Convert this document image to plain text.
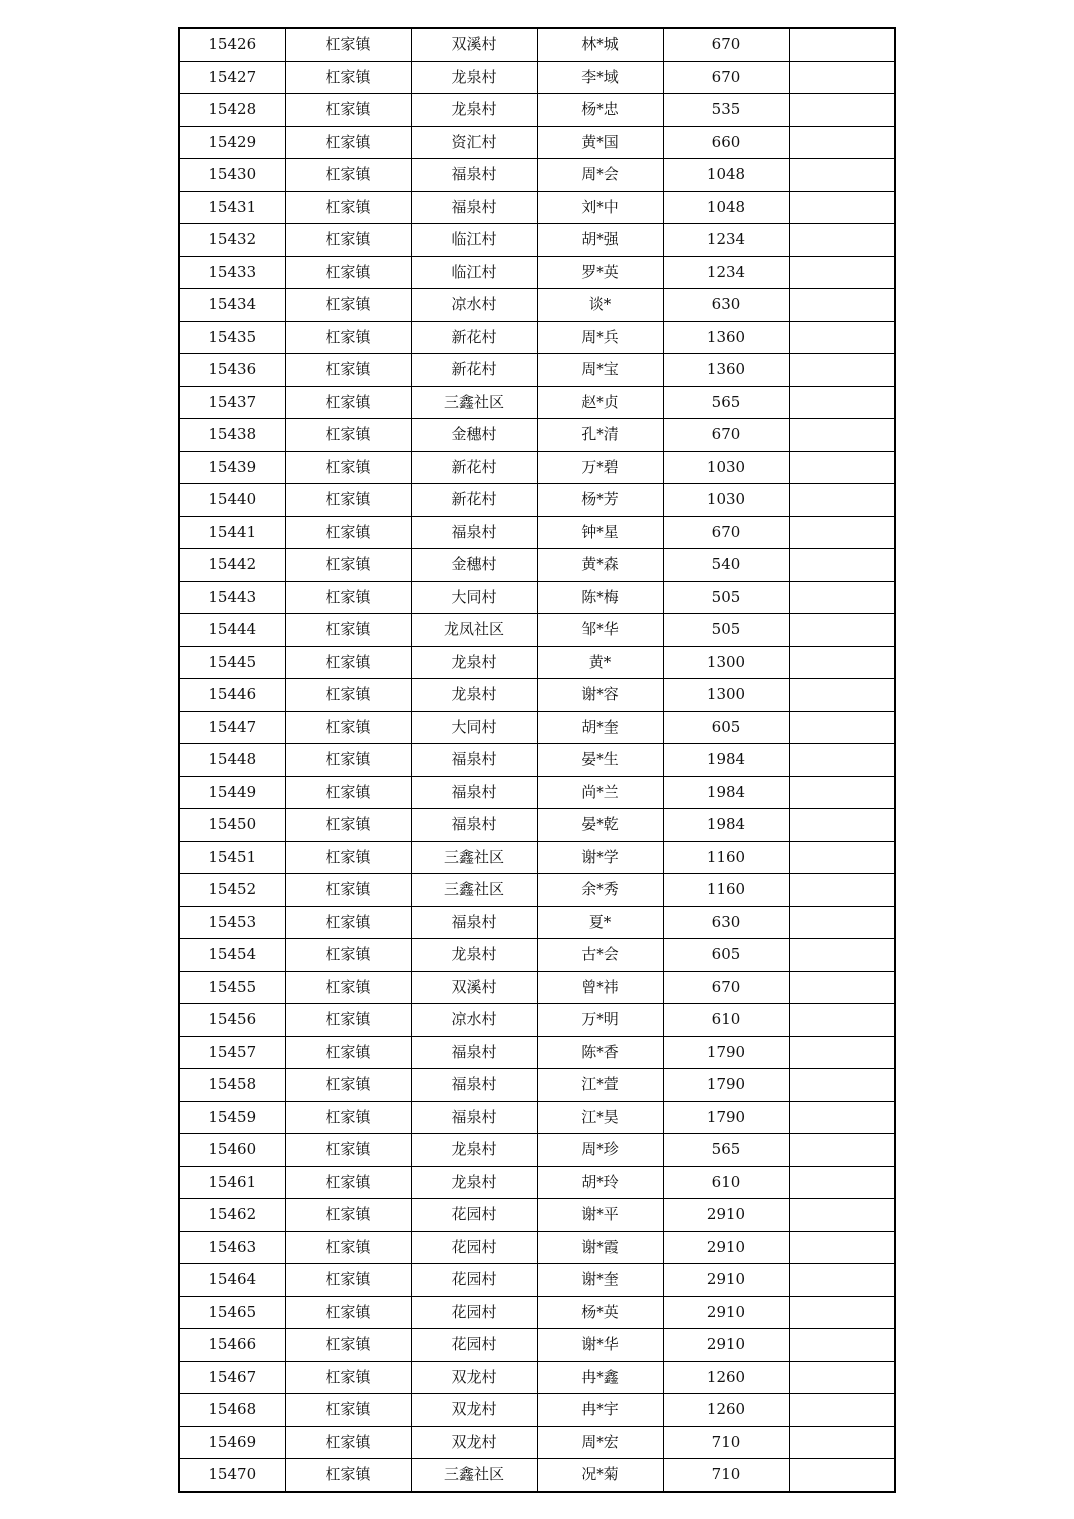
15426	杠家镇	双溪村	林*城	670	
15427	杠家镇	龙泉村	李*域	670	
15428	杠家镇	龙泉村	杨*忠	535	
15429	杠家镇	资汇村	黄*国	660	
15430	杠家镇	福泉村	周*会	1048	
15431	杠家镇	福泉村	刘*中	1048	
15432	杠家镇	临江村	胡*强	1234	
15433	杠家镇	临江村	罗*英	1234	
15434	杠家镇	凉水村	谈*	630	
15435	杠家镇	新花村	周*兵	1360	
15436	杠家镇	新花村	周*宝	1360	
15437	杠家镇	三鑫社区	赵*贞	565	
15438	杠家镇	金穗村	孔*清	670	
15439	杠家镇	新花村	万*碧	1030	
15440	杠家镇	新花村	杨*芳	1030	
15441	杠家镇	福泉村	钟*星	670	
15442	杠家镇	金穗村	黄*森	540	
15443	杠家镇	大同村	陈*梅	505	
15444	杠家镇	龙凤社区	邹*华	505	
15445	杠家镇	龙泉村	黄*	1300	
15446	杠家镇	龙泉村	谢*容	1300	
15447	杠家镇	大同村	胡*奎	605	
15448	杠家镇	福泉村	晏*生	1984	
15449	杠家镇	福泉村	尚*兰	1984	
15450	杠家镇	福泉村	晏*乾	1984	
15451	杠家镇	三鑫社区	谢*学	1160	
15452	杠家镇	三鑫社区	余*秀	1160	
15453	杠家镇	福泉村	夏*	630	
15454	杠家镇	龙泉村	古*会	605	
15455	杠家镇	双溪村	曾*祎	670	
15456	杠家镇	凉水村	万*明	610	
15457	杠家镇	福泉村	陈*香	1790	
15458	杠家镇	福泉村	江*萱	1790	
15459	杠家镇	福泉村	江*昊	1790	
15460	杠家镇	龙泉村	周*珍	565	
15461	杠家镇	龙泉村	胡*玲	610	
15462	杠家镇	花园村	谢*平	2910	
15463	杠家镇	花园村	谢*霞	2910	
15464	杠家镇	花园村	谢*奎	2910	
15465	杠家镇	花园村	杨*英	2910	
15466	杠家镇	花园村	谢*华	2910	
15467	杠家镇	双龙村	冉*鑫	1260	
15468	杠家镇	双龙村	冉*宇	1260	
15469	杠家镇	双龙村	周*宏	710	
15470	杠家镇	三鑫社区	况*菊	710	
